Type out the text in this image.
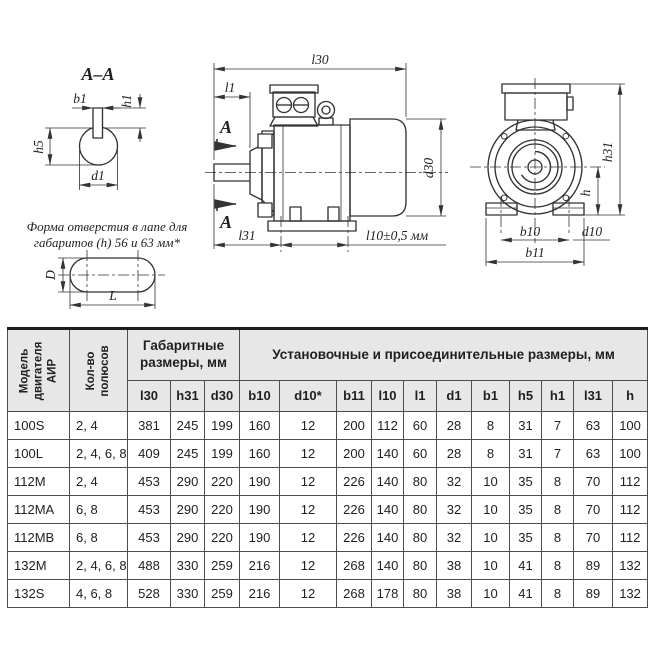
А–А
b1 h1
h5
d1
Форма отверстия в лапе для
габаритов (h) 56 и 63 мм*
D
L
l30
l1
А
А
d30
l31	l10±0,5 мм
h31
h
b10	d10
b11
Модель двигателя АИР	Кол-во полюсов	Габаритные размеры, мм			Установочные и присоединительные размеры, мм										
		l30	h31	d30	b10	d10*	b11	l10	l1	d1	b1	h5	h1	l31	h
100S	2, 4	381	245	199	160	12	200	112	60	28	8	31	7	63	100
100L	2, 4, 6, 8	409	245	199	160	12	200	140	60	28	8	31	7	63	100
112M	2, 4	453	290	220	190	12	226	140	80	32	10	35	8	70	112
112MA	6, 8	453	290	220	190	12	226	140	80	32	10	35	8	70	112
112MB	6, 8	453	290	220	190	12	226	140	80	32	10	35	8	70	112
132M	2, 4, 6, 8	488	330	259	216	12	268	140	80	38	10	41	8	89	132
132S	4, 6, 8	528	330	259	216	12	268	178	80	38	10	41	8	89	132
